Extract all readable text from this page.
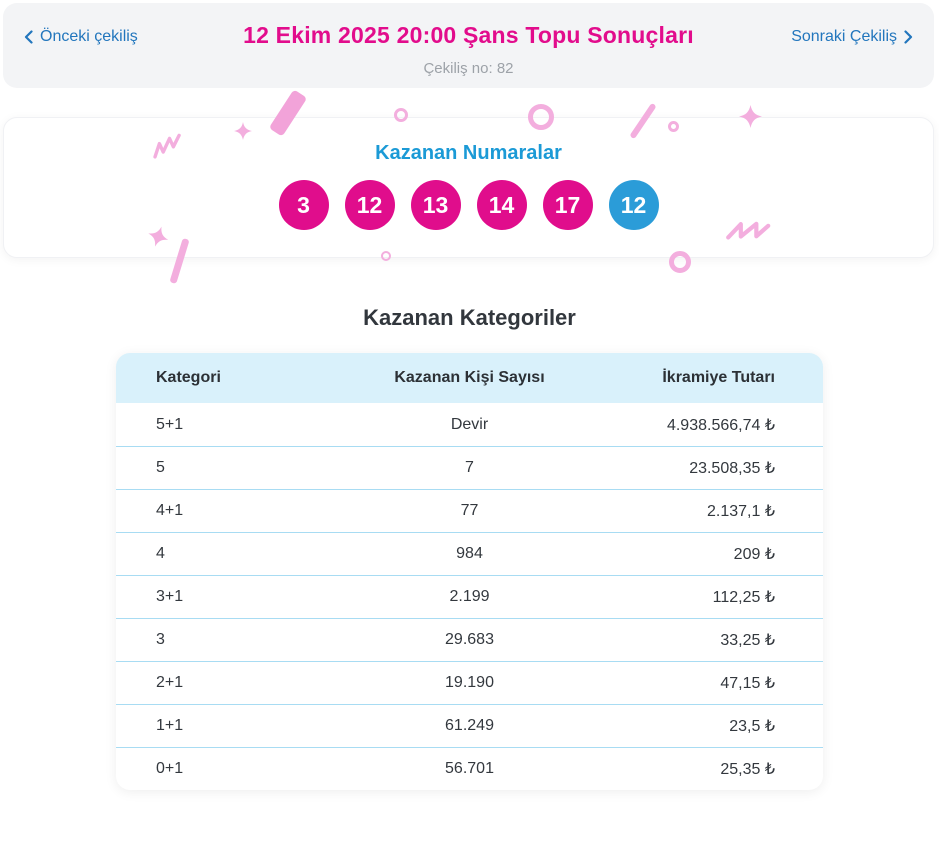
Önceki çekiliş	12 Ekim 2025 20:00 Şans Topu Sonuçları	Sonraki Çekiliş
Çekiliş no: 82
Kazanan Numaralar
3	12	13	14	17	12
Kazanan Kategoriler
Kategori	Kazanan Kişi Sayısı	İkramiye Tutarı
5+1	Devir	4.938.566,74 ₺
5	7	23.508,35 ₺
4+1	77	2.137,1 ₺
4	984	209 ₺
3+1	2.199	112,25 ₺
3	29.683	33,25 ₺
2+1	19.190	47,15 ₺
1+1	61.249	23,5 ₺
0+1	56.701	25,35 ₺
